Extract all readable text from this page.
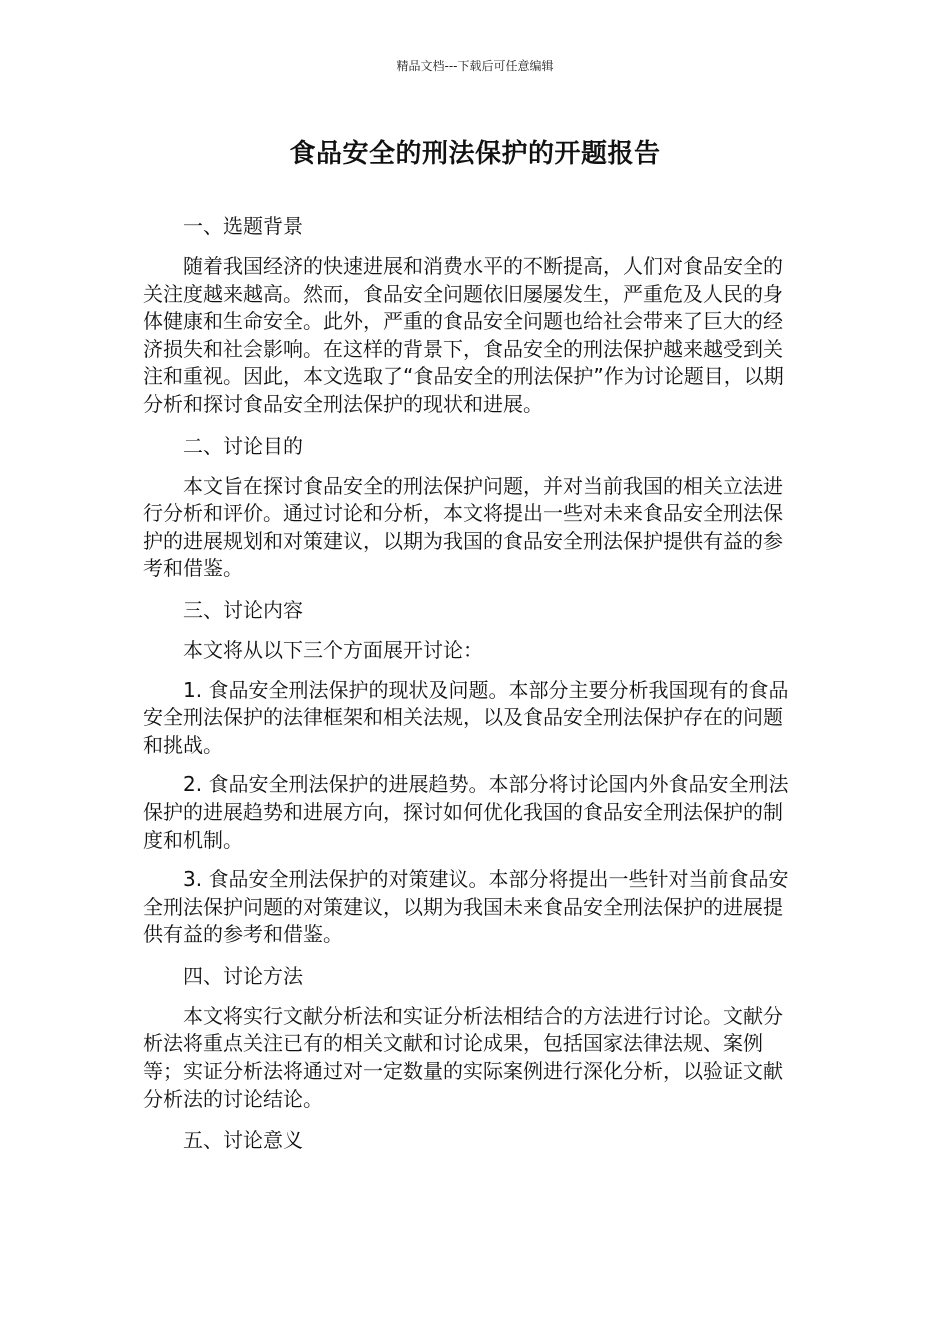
精品文档---下载后可任意编辑
食品安全的刑法保护的开题报告
一、选题背景

随着我国经济的快速进展和消费水平的不断提高，人们对食品安全的关注度越来越高。然而，食品安全问题依旧屡屡发生，严重危及人民的身体健康和生命安全。此外，严重的食品安全问题也给社会带来了巨大的经济损失和社会影响。在这样的背景下，食品安全的刑法保护越来越受到关注和重视。因此，本文选取了“食品安全的刑法保护”作为讨论题目，以期分析和探讨食品安全刑法保护的现状和进展。

二、讨论目的

本文旨在探讨食品安全的刑法保护问题，并对当前我国的相关立法进行分析和评价。通过讨论和分析，本文将提出一些对未来食品安全刑法保护的进展规划和对策建议，以期为我国的食品安全刑法保护提供有益的参考和借鉴。

三、讨论内容

本文将从以下三个方面展开讨论：

1. 食品安全刑法保护的现状及问题。本部分主要分析我国现有的食品安全刑法保护的法律框架和相关法规，以及食品安全刑法保护存在的问题和挑战。

2. 食品安全刑法保护的进展趋势。本部分将讨论国内外食品安全刑法保护的进展趋势和进展方向，探讨如何优化我国的食品安全刑法保护的制度和机制。

3. 食品安全刑法保护的对策建议。本部分将提出一些针对当前食品安全刑法保护问题的对策建议，以期为我国未来食品安全刑法保护的进展提供有益的参考和借鉴。

四、讨论方法

本文将实行文献分析法和实证分析法相结合的方法进行讨论。文献分析法将重点关注已有的相关文献和讨论成果，包括国家法律法规、案例等；实证分析法将通过对一定数量的实际案例进行深化分析，以验证文献分析法的讨论结论。

五、讨论意义
